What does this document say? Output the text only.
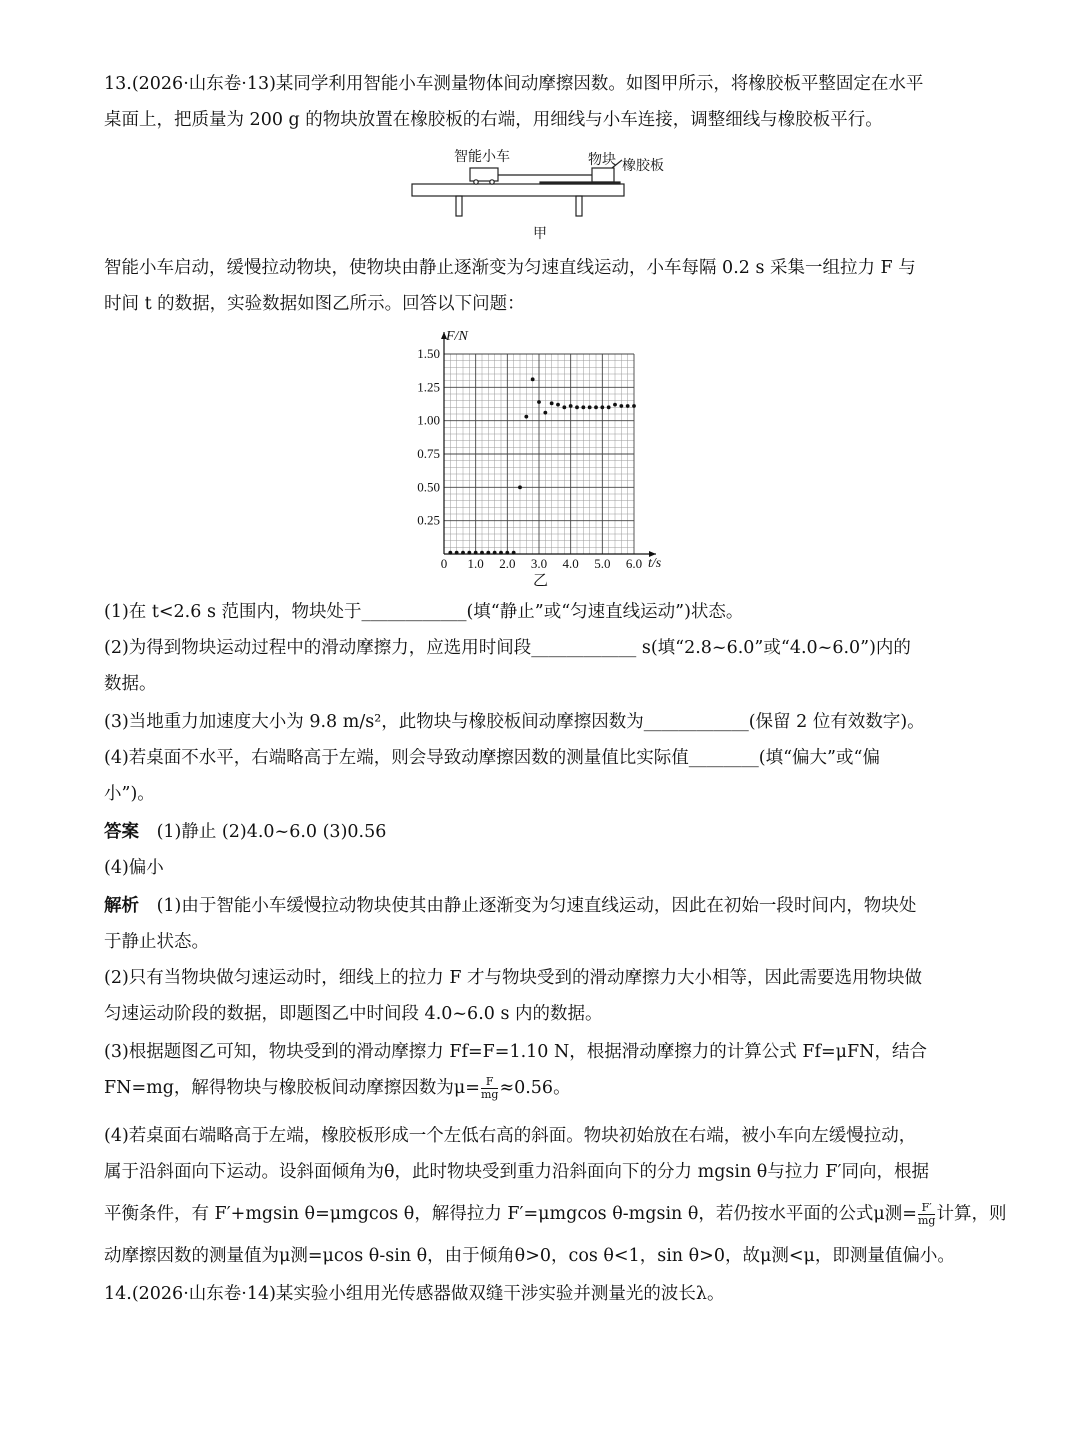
13.(2026·山东卷·13)某同学利用智能小车测量物体间动摩擦因数。如图甲所示，将橡胶板平整固定在水平
桌面上，把质量为 200 g 的物块放置在橡胶板的右端，用细线与小车连接，调整细线与橡胶板平行。
智能小车	物块 橡胶板
甲
智能小车启动，缓慢拉动物块，使物块由静止逐渐变为匀速直线运动，小车每隔 0.2 s 采集一组拉力 F 与
时间 t 的数据，实验数据如图乙所示。回答以下问题：
0 1.0 2.0 3.0 4.0 5.0 6.0
0.25
0.50
0.75
1.00
1.25
1.50
F/N
t/s
乙
(1)在 t<2.6 s 范围内，物块处于____________(填“静止”或“匀速直线运动”)状态。
(2)为得到物块运动过程中的滑动摩擦力，应选用时间段____________ s(填“2.8~6.0”或“4.0~6.0”)内的
数据。
(3)当地重力加速度大小为 9.8 m/s²，此物块与橡胶板间动摩擦因数为____________(保留 2 位有效数字)。
(4)若桌面不水平，右端略高于左端，则会导致动摩擦因数的测量值比实际值________(填“偏大”或“偏
小”)。
答案 (1)静止 (2)4.0~6.0 (3)0.56
(4)偏小
解析 (1)由于智能小车缓慢拉动物块使其由静止逐渐变为匀速直线运动，因此在初始一段时间内，物块处
于静止状态。
(2)只有当物块做匀速运动时，细线上的拉力 F 才与物块受到的滑动摩擦力大小相等，因此需要选用物块做
匀速运动阶段的数据，即题图乙中时间段 4.0~6.0 s 内的数据。
(3)根据题图乙可知，物块受到的滑动摩擦力 Ff=F=1.10 N，根据滑动摩擦力的计算公式 Ff=μFN，结合
FN=mg，解得物块与橡胶板间动摩擦因数为$\mu= \frac{F}{mg} \approx 0.56$。
(4)若桌面右端略高于左端，橡胶板形成一个左低右高的斜面。物块初始放在右端，被小车向左缓慢拉动，
属于沿斜面向下运动。设斜面倾角为θ，此时物块受到重力沿斜面向下的分力 mgsin θ与拉力 F′同向，根据
平衡条件，有 F′+mgsin θ=μmgcos θ，解得拉力 F′=μmgcos θ-mgsin θ，若仍按水平面的公式μ测= $\frac{F'}{mg}$ 计算，则
动摩擦因数的测量值为μ测=μcos θ-sin θ，由于倾角θ>0，cos θ<1，sin θ>0，故μ测<μ，即测量值偏小。
14.(2026·山东卷·14)某实验小组用光传感器做双缝干涉实验并测量光的波长λ。
